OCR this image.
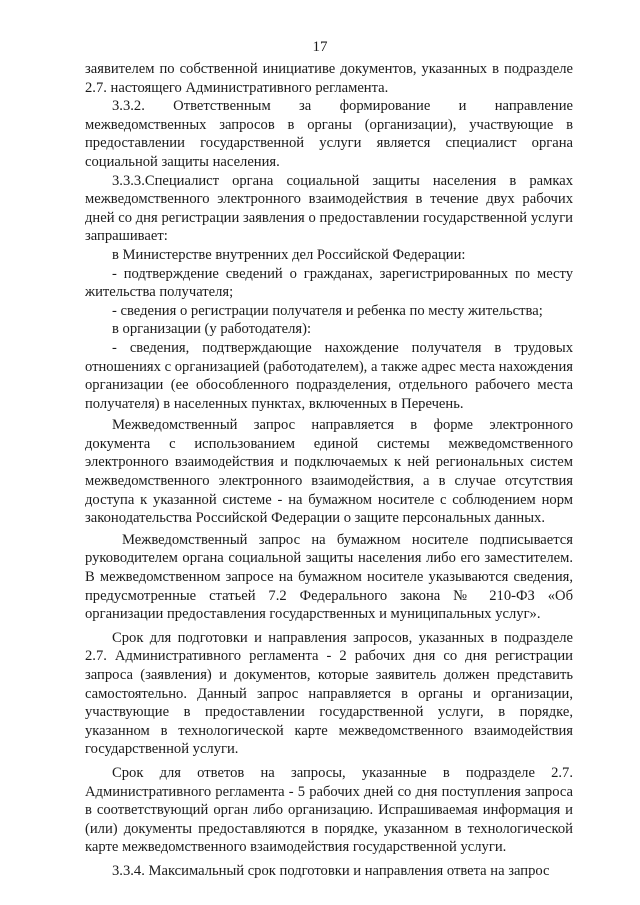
17

заявителем по собственной инициативе документов, указанных в подразделе 2.7. настоящего Административного регламента.

3.3.2. Ответственным за формирование и направление межведомственных запросов в органы (организации), участвующие в предоставлении государственной услуги является специалист органа социальной защиты населения.

3.3.3.Специалист органа социальной защиты населения в рамках межведомственного электронного взаимодействия в течение двух рабочих дней со дня регистрации заявления о предоставлении государственной услуги запрашивает:

в Министерстве внутренних дел Российской Федерации:

- подтверждение сведений о гражданах, зарегистрированных по месту жительства получателя;

- сведения о регистрации получателя и ребенка по месту жительства;

в организации (у работодателя):

- сведения, подтверждающие нахождение получателя в трудовых отношениях с организацией (работодателем), а также адрес места нахождения организации (ее обособленного подразделения, отдельного рабочего места получателя) в населенных пунктах, включенных в Перечень.

Межведомственный запрос направляется в форме электронного документа с использованием единой системы межведомственного электронного взаимодействия и подключаемых к ней региональных систем межведомственного электронного взаимодействия, а в случае отсутствия доступа к указанной системе - на бумажном носителе с соблюдением норм законодательства Российской Федерации о защите персональных данных.

Межведомственный запрос на бумажном носителе подписывается руководителем органа социальной защиты населения либо его заместителем. В межведомственном запросе на бумажном носителе указываются сведения, предусмотренные статьей 7.2 Федерального закона № 210-ФЗ «Об организации предоставления государственных и муниципальных услуг».

Срок для подготовки и направления запросов, указанных в подразделе 2.7. Административного регламента - 2 рабочих дня со дня регистрации запроса (заявления) и документов, которые заявитель должен представить самостоятельно. Данный запрос направляется в органы и организации, участвующие в предоставлении государственной услуги, в порядке, указанном в технологической карте межведомственного взаимодействия государственной услуги.

Срок для ответов на запросы, указанные в подразделе 2.7. Административного регламента - 5 рабочих дней со дня поступления запроса в соответствующий орган либо организацию. Испрашиваемая информация и (или) документы предоставляются в порядке, указанном в технологической карте межведомственного взаимодействия государственной услуги.

3.3.4. Максимальный срок подготовки и направления ответа на запрос
